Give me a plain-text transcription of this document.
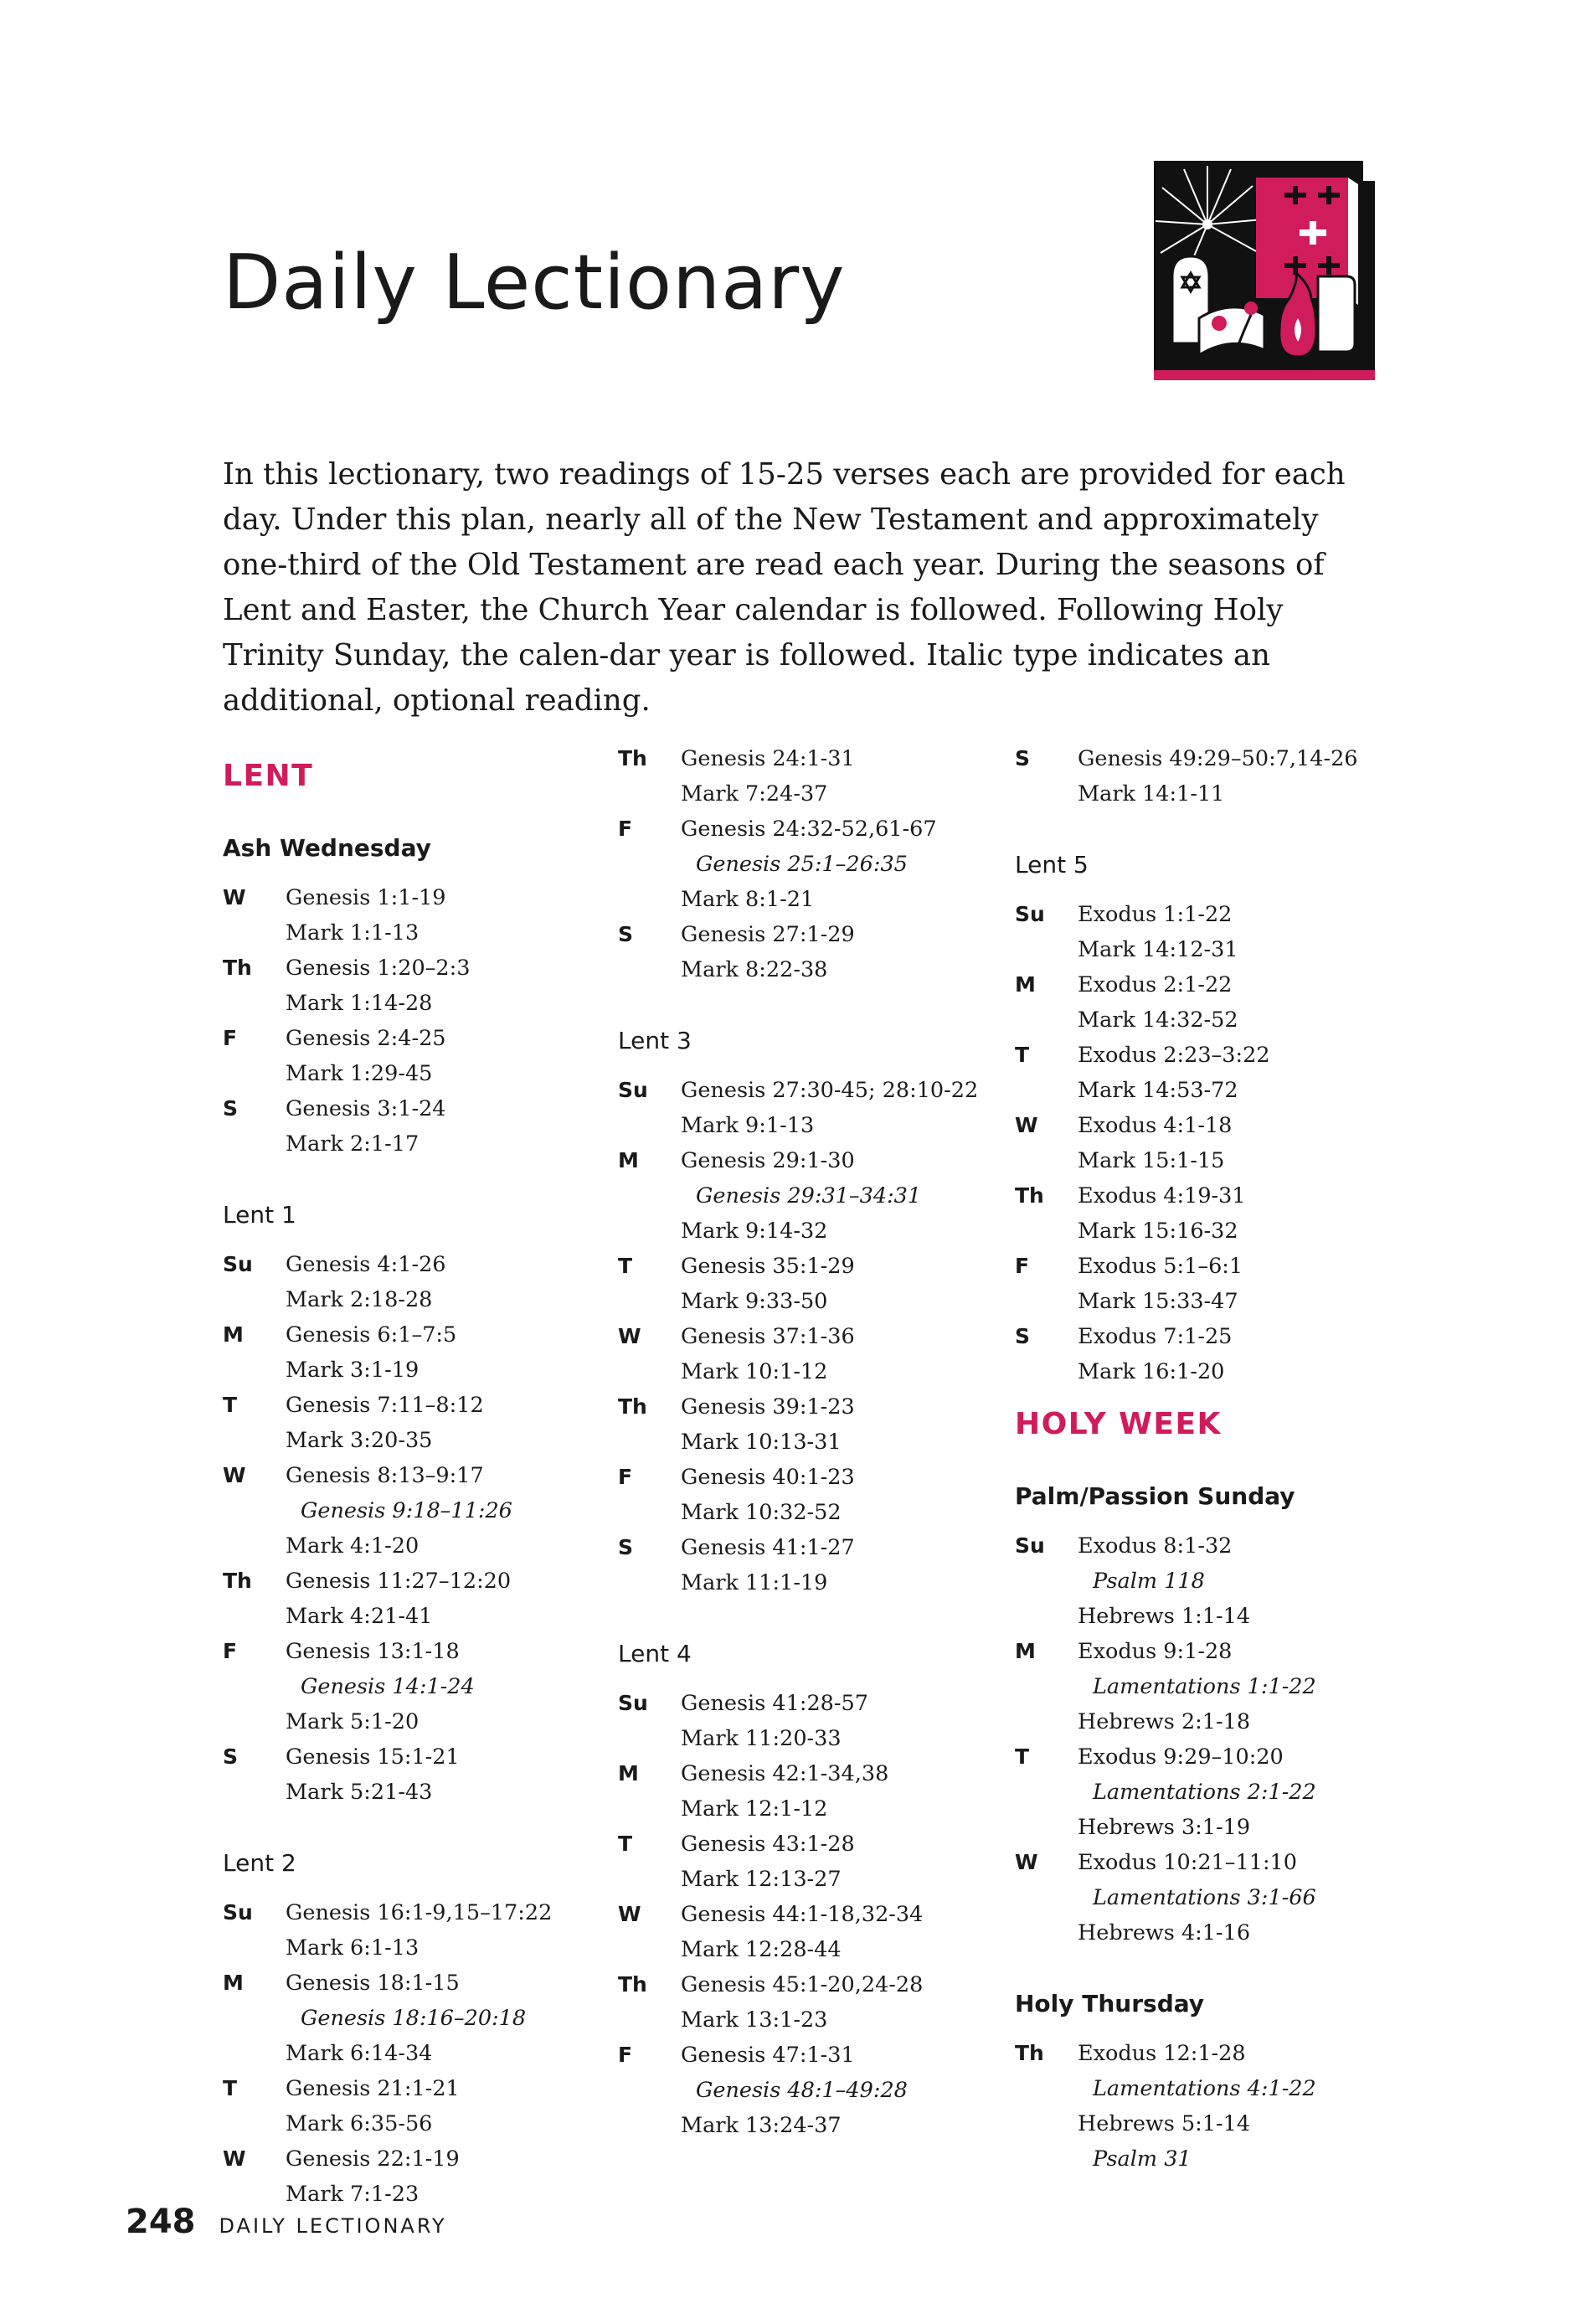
Daily Lectionary

In this lectionary, two readings of 15-25 verses each are provided for each day. Under this plan, nearly all of the New Testament and approximately one-third of the Old Testament are read each year. During the seasons of Lent and Easter, the Church Year calendar is followed. Following Holy Trinity Sunday, the calen-dar year is followed. Italic type indicates an additional, optional reading.

LENT
Ash Wednesday
W	Genesis 1:1-19
Mark 1:1-13
Th	Genesis 1:20–2:3
Mark 1:14-28
F	Genesis 2:4-25
Mark 1:29-45
S	Genesis 3:1-24
Mark 2:1-17
Lent 1
Su	Genesis 4:1-26
Mark 2:18-28
M	Genesis 6:1–7:5
Mark 3:1-19
T	Genesis 7:11–8:12
Mark 3:20-35
W	Genesis 8:13–9:17
Genesis 9:18–11:26
Mark 4:1-20
Th	Genesis 11:27–12:20
Mark 4:21-41
F	Genesis 13:1-18
Genesis 14:1-24
Mark 5:1-20
S	Genesis 15:1-21
Mark 5:21-43
Lent 2
Su	Genesis 16:1-9,15–17:22
Mark 6:1-13
M	Genesis 18:1-15
Genesis 18:16–20:18
Mark 6:14-34
T	Genesis 21:1-21
Mark 6:35-56
W	Genesis 22:1-19
Mark 7:1-23
Th	Genesis 24:1-31
Mark 7:24-37
F	Genesis 24:32-52,61-67
Genesis 25:1–26:35
Mark 8:1-21
S	Genesis 27:1-29
Mark 8:22-38
Lent 3
Su	Genesis 27:30-45; 28:10-22
Mark 9:1-13
M	Genesis 29:1-30
Genesis 29:31–34:31
Mark 9:14-32
T	Genesis 35:1-29
Mark 9:33-50
W	Genesis 37:1-36
Mark 10:1-12
Th	Genesis 39:1-23
Mark 10:13-31
F	Genesis 40:1-23
Mark 10:32-52
S	Genesis 41:1-27
Mark 11:1-19
Lent 4
Su	Genesis 41:28-57
Mark 11:20-33
M	Genesis 42:1-34,38
Mark 12:1-12
T	Genesis 43:1-28
Mark 12:13-27
W	Genesis 44:1-18,32-34
Mark 12:28-44
Th	Genesis 45:1-20,24-28
Mark 13:1-23
F	Genesis 47:1-31
Genesis 48:1–49:28
Mark 13:24-37
S	Genesis 49:29–50:7,14-26
Mark 14:1-11
Lent 5
Su	Exodus 1:1-22
Mark 14:12-31
M	Exodus 2:1-22
Mark 14:32-52
T	Exodus 2:23–3:22
Mark 14:53-72
W	Exodus 4:1-18
Mark 15:1-15
Th	Exodus 4:19-31
Mark 15:16-32
F	Exodus 5:1–6:1
Mark 15:33-47
S	Exodus 7:1-25
Mark 16:1-20
HOLY WEEK
Palm/Passion Sunday
Su	Exodus 8:1-32
Psalm 118
Hebrews 1:1-14
M	Exodus 9:1-28
Lamentations 1:1-22
Hebrews 2:1-18
T	Exodus 9:29–10:20
Lamentations 2:1-22
Hebrews 3:1-19
W	Exodus 10:21–11:10
Lamentations 3:1-66
Hebrews 4:1-16
Holy Thursday
Th	Exodus 12:1-28
Lamentations 4:1-22
Hebrews 5:1-14
Psalm 31
248 DAILY LECTIONARY
